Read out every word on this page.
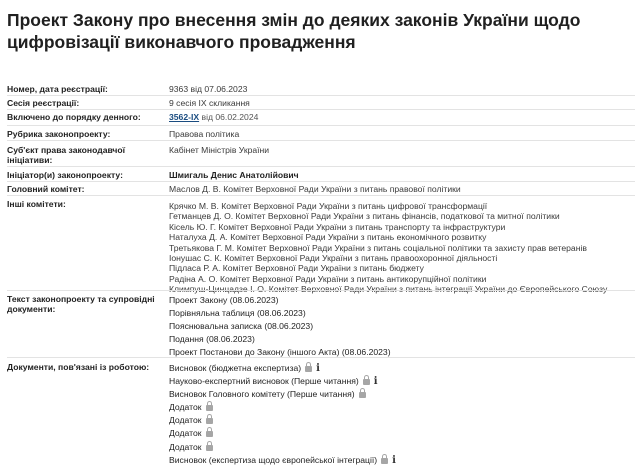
Проект Закону про внесення змін до деяких законів України щодо цифровізації виконавчого провадження
Номер, дата реєстрації:	9363 від 07.06.2023
Сесія реєстрації:	9 сесія IX скликання
Включено до порядку денного:	3562-IX від 06.02.2024
Рубрика законопроекту:	Правова політика
Суб'єкт права законодавчої ініціативи:
Кабінет Міністрів України
Ініціатор(и) законопроекту:	Шмигаль Денис Анатолійович
Головний комітет:	Маслов Д. В. Комітет Верховної Ради України з питань правової політики
Інші комітети:	Крячко М. В. Комітет Верховної Ради України з питань цифрової трансформації
Гетманцев Д. О. Комітет Верховної Ради України з питань фінансів, податкової та митної політики
Кісель Ю. Г. Комітет Верховної Ради України з питань транспорту та інфраструктури
Наталуха Д. А. Комітет Верховної Ради України з питань економічного розвитку
Третьякова Г. М. Комітет Верховної Ради України з питань соціальної політики та захисту прав ветеранів
Іонушас С. К. Комітет Верховної Ради України з питань правоохоронної діяльності
Підласа Р. А. Комітет Верховної Ради України з питань бюджету
Радіна А. О. Комітет Верховної Ради України з питань антикорупційної політики
Климпуш-Цинцадзе І. О. Комітет Верховної Ради України з питань інтеграції України до Європейського Союзу
Текст законопроекту та супровідні документи:
Проект Закону (08.06.2023)
Порівняльна таблиця (08.06.2023)
Пояснювальна записка (08.06.2023)
Подання (08.06.2023)
Проект Постанови до Закону (іншого Акта) (08.06.2023)
Документи, пов'язані із роботою:	Висновок (бюджетна експертиза) i
Науково-експертний висновок (Перше читання) i
Висновок Головного комітету (Перше читання)
Додаток
Додаток
Додаток
Додаток
Висновок (експертиза щодо європейської інтеграції) i
